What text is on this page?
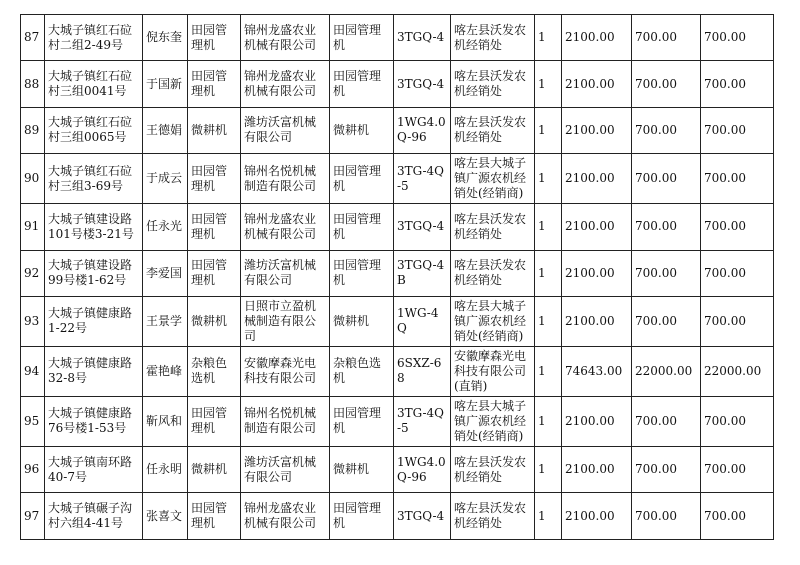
87	大城子镇红石砬村二组2-49号	倪东奎	田园管理机	锦州龙盛农业机械有限公司	田园管理机	3TGQ-4	喀左县沃发农机经销处	1	2100.00	700.00	700.00
88	大城子镇红石砬村三组0041号	于国新	田园管理机	锦州龙盛农业机械有限公司	田园管理机	3TGQ-4	喀左县沃发农机经销处	1	2100.00	700.00	700.00
89	大城子镇红石砬村三组0065号	王德娟	微耕机	潍坊沃富机械有限公司	微耕机	1WG4.0Q-96	喀左县沃发农机经销处	1	2100.00	700.00	700.00
90	大城子镇红石砬村三组3-69号	于成云	田园管理机	锦州名悦机械制造有限公司	田园管理机	3TG-4Q-5	喀左县大城子镇广源农机经销处(经销商)	1	2100.00	700.00	700.00
91	大城子镇建设路101号楼3-21号	任永光	田园管理机	锦州龙盛农业机械有限公司	田园管理机	3TGQ-4	喀左县沃发农机经销处	1	2100.00	700.00	700.00
92	大城子镇建设路99号楼1-62号	李爱国	田园管理机	潍坊沃富机械有限公司	田园管理机	3TGQ-4B	喀左县沃发农机经销处	1	2100.00	700.00	700.00
93	大城子镇健康路1-22号	王景学	微耕机	日照市立盈机械制造有限公司	微耕机	1WG-4Q	喀左县大城子镇广源农机经销处(经销商)	1	2100.00	700.00	700.00
94	大城子镇健康路32-8号	霍艳峰	杂粮色选机	安徽摩森光电科技有限公司	杂粮色选机	6SXZ-68	安徽摩森光电科技有限公司(直销)	1	74643.00	22000.00	22000.00
95	大城子镇健康路76号楼1-53号	靳风和	田园管理机	锦州名悦机械制造有限公司	田园管理机	3TG-4Q-5	喀左县大城子镇广源农机经销处(经销商)	1	2100.00	700.00	700.00
96	大城子镇南环路40-7号	任永明	微耕机	潍坊沃富机械有限公司	微耕机	1WG4.0Q-96	喀左县沃发农机经销处	1	2100.00	700.00	700.00
97	大城子镇碾子沟村六组4-41号	张喜文	田园管理机	锦州龙盛农业机械有限公司	田园管理机	3TGQ-4	喀左县沃发农机经销处	1	2100.00	700.00	700.00
